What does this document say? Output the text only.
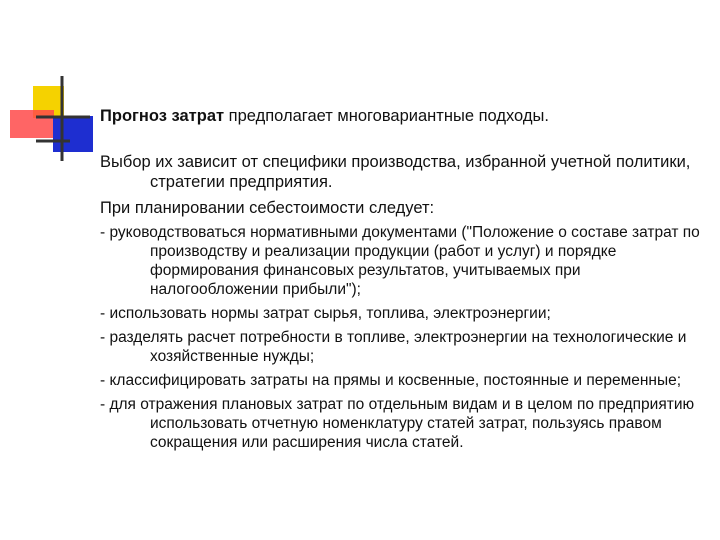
Прогноз затрат предполагает многовариантные подходы.

Выбор их зависит от специфики производства, избранной учетной политики, стратегии предприятия.

При планировании себестоимости следует:

- руководствоваться нормативными документами ("Положение о составе затрат по производству и реализации продукции (работ и услуг) и порядке формирования финансовых результатов, учитываемых при налогообложении прибыли");

- использовать нормы затрат сырья, топлива, электроэнергии;

- разделять расчет потребности в топливе, электроэнергии на технологические и хозяйственные нужды;

- классифицировать затраты на прямы и косвенные, постоянные и переменные;

- для отражения плановых затрат по отдельным видам и в целом по предприятию использовать отчетную номенклатуру статей затрат, пользуясь правом сокращения или расширения числа статей.
